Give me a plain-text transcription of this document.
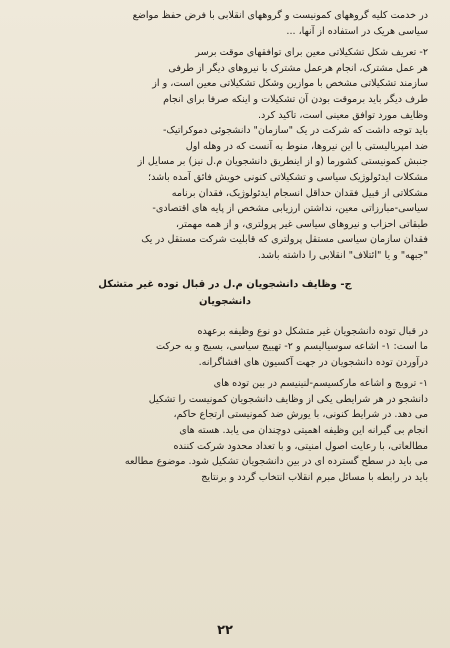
در خدمت کلیه گروههای کمونیست و گروههای انقلابی با فرض حفظ مواضع
سیاسی هریک در استفاده از آنها، ...
۲- تعریف شکل تشکیلاتی معین برای توافقهای موقت برسر
هر عمل مشترک، انجام هرعمل مشترک با نیروهای دیگر از طرفی
سازمند تشکیلاتی مشخص با موازین وشکل تشکیلاتی معین است، و از
طرف دیگر باید برموقت بودن آن تشکیلات و اینکه صرفا برای انجام
وظایف مورد توافق معینی است، تاکید کرد.
باید توجه داشت که شرکت در یک "سازمان" دانشجوئی دموکراتیک-
ضد امپریالیستی با این نیروها، منوط به آنست که در وهله اول
جنبش کمونیستی کشورما (و از اینطریق دانشجویان م.ل نیز) بر مسایل از
مشکلات ایدئولوژیک سیاسی و تشکیلاتی کنونی خویش فائق آمده باشد؛
مشکلاتی از قبیل فقدان حداقل انسجام ایدئولوژیک، فقدان برنامه
سیاسی-مبارزاتی معین، نداشتن ارزیابی مشخص از پایه های اقتصادی-
طبقاتی احزاب و نیروهای سیاسی غیر پرولتری، و از همه مهمتر،
فقدان سازمان سیاسی مستقل پرولتری که قابلیت شرکت مستقل در یک
"جبهه" و یا "ائتلاف" انقلابی را داشته باشد.
ج- وظایف دانشجویان م.ل در قبال توده غیر متشکل
دانشجویان
در قبال توده دانشجویان غیر متشکل دو نوع وظیفه برعهده
ما است: ۱- اشاعه سوسیالیسم و ۲- تهییج سیاسی، بسیج و به حرکت
درآوردن توده دانشجویان در جهت آکسیون های افشاگرانه.
۱- ترویج و اشاعه مارکسیسم-لنینیسم در بین توده های
دانشجو در هر شرایطی یکی از وظایف دانشجویان کمونیست را تشکیل
می دهد. در شرایط کنونی، با یورش ضد کمونیستی ارتجاع حاکم،
انجام بی گیرانه این وظیفه اهمیتی دوچندان می یابد. هسته های
مطالعاتی، با رعایت اصول امنیتی، و با تعداد محدود شرکت کننده
می باید در سطح گسترده ای در بین دانشجویان تشکیل شود. موضوع مطالعه
باید در رابطه با مسائل مبرم انقلاب انتخاب گردد و برنتایج
۲۲
